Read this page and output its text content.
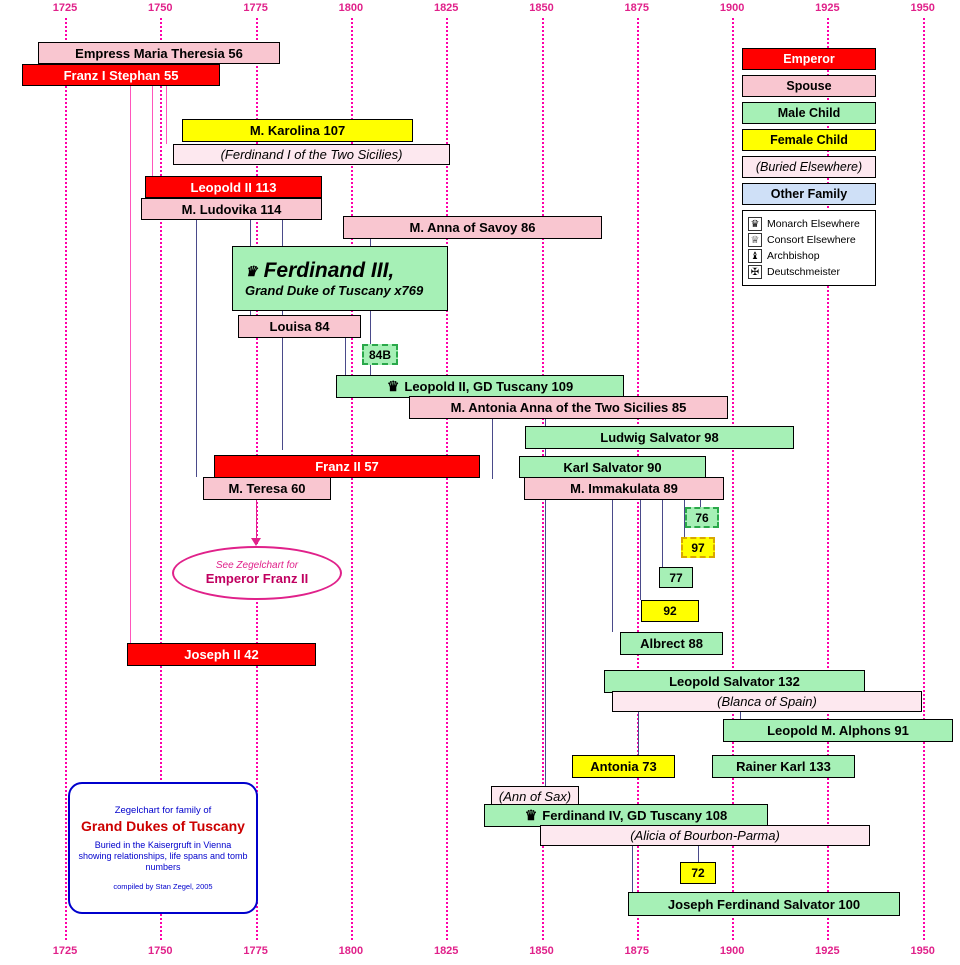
1725	1750	1775	1800	1825	1850	1875	1900	1925	1950
1725	1750	1775	1800	1825	1850	1875	1900	1925	1950
Empress Maria Theresia 56
Franz I Stephan 55
M. Karolina 107
(Ferdinand I of the Two Sicilies)
Leopold II 113
M. Ludovika 114
M. Anna of Savoy 86
Louisa 84
84B
♛ Leopold II, GD Tuscany 109
M. Antonia Anna of the Two Sicilies 85
Ludwig Salvator 98
Karl Salvator 90
Franz II 57
M. Teresa 60	M. Immakulata 89
76
97
77
92
Albrect 88
Joseph II 42
Leopold Salvator 132
(Blanca of Spain)
Leopold M. Alphons 91
Antonia 73	Rainer Karl 133
(Ann of Sax)
♛ Ferdinand IV, GD Tuscany 108
(Alicia of Bourbon-Parma)
72
Joseph Ferdinand Salvator 100
♛ Ferdinand III,
Grand Duke of Tuscany x769
See Zegelchart for
Emperor Franz II
Emperor
Spouse
Male Child
Female Child
(Buried Elsewhere)
Other Family
♛ Monarch Elsewhere
♕ Consort Elsewhere
♝ Archbishop
✠ Deutschmeister
Zegelchart for family of
Grand Dukes of Tuscany
Buried in the Kaisergruft in Vienna showing relationships, life spans and tomb numbers
compiled by Stan Zegel, 2005
